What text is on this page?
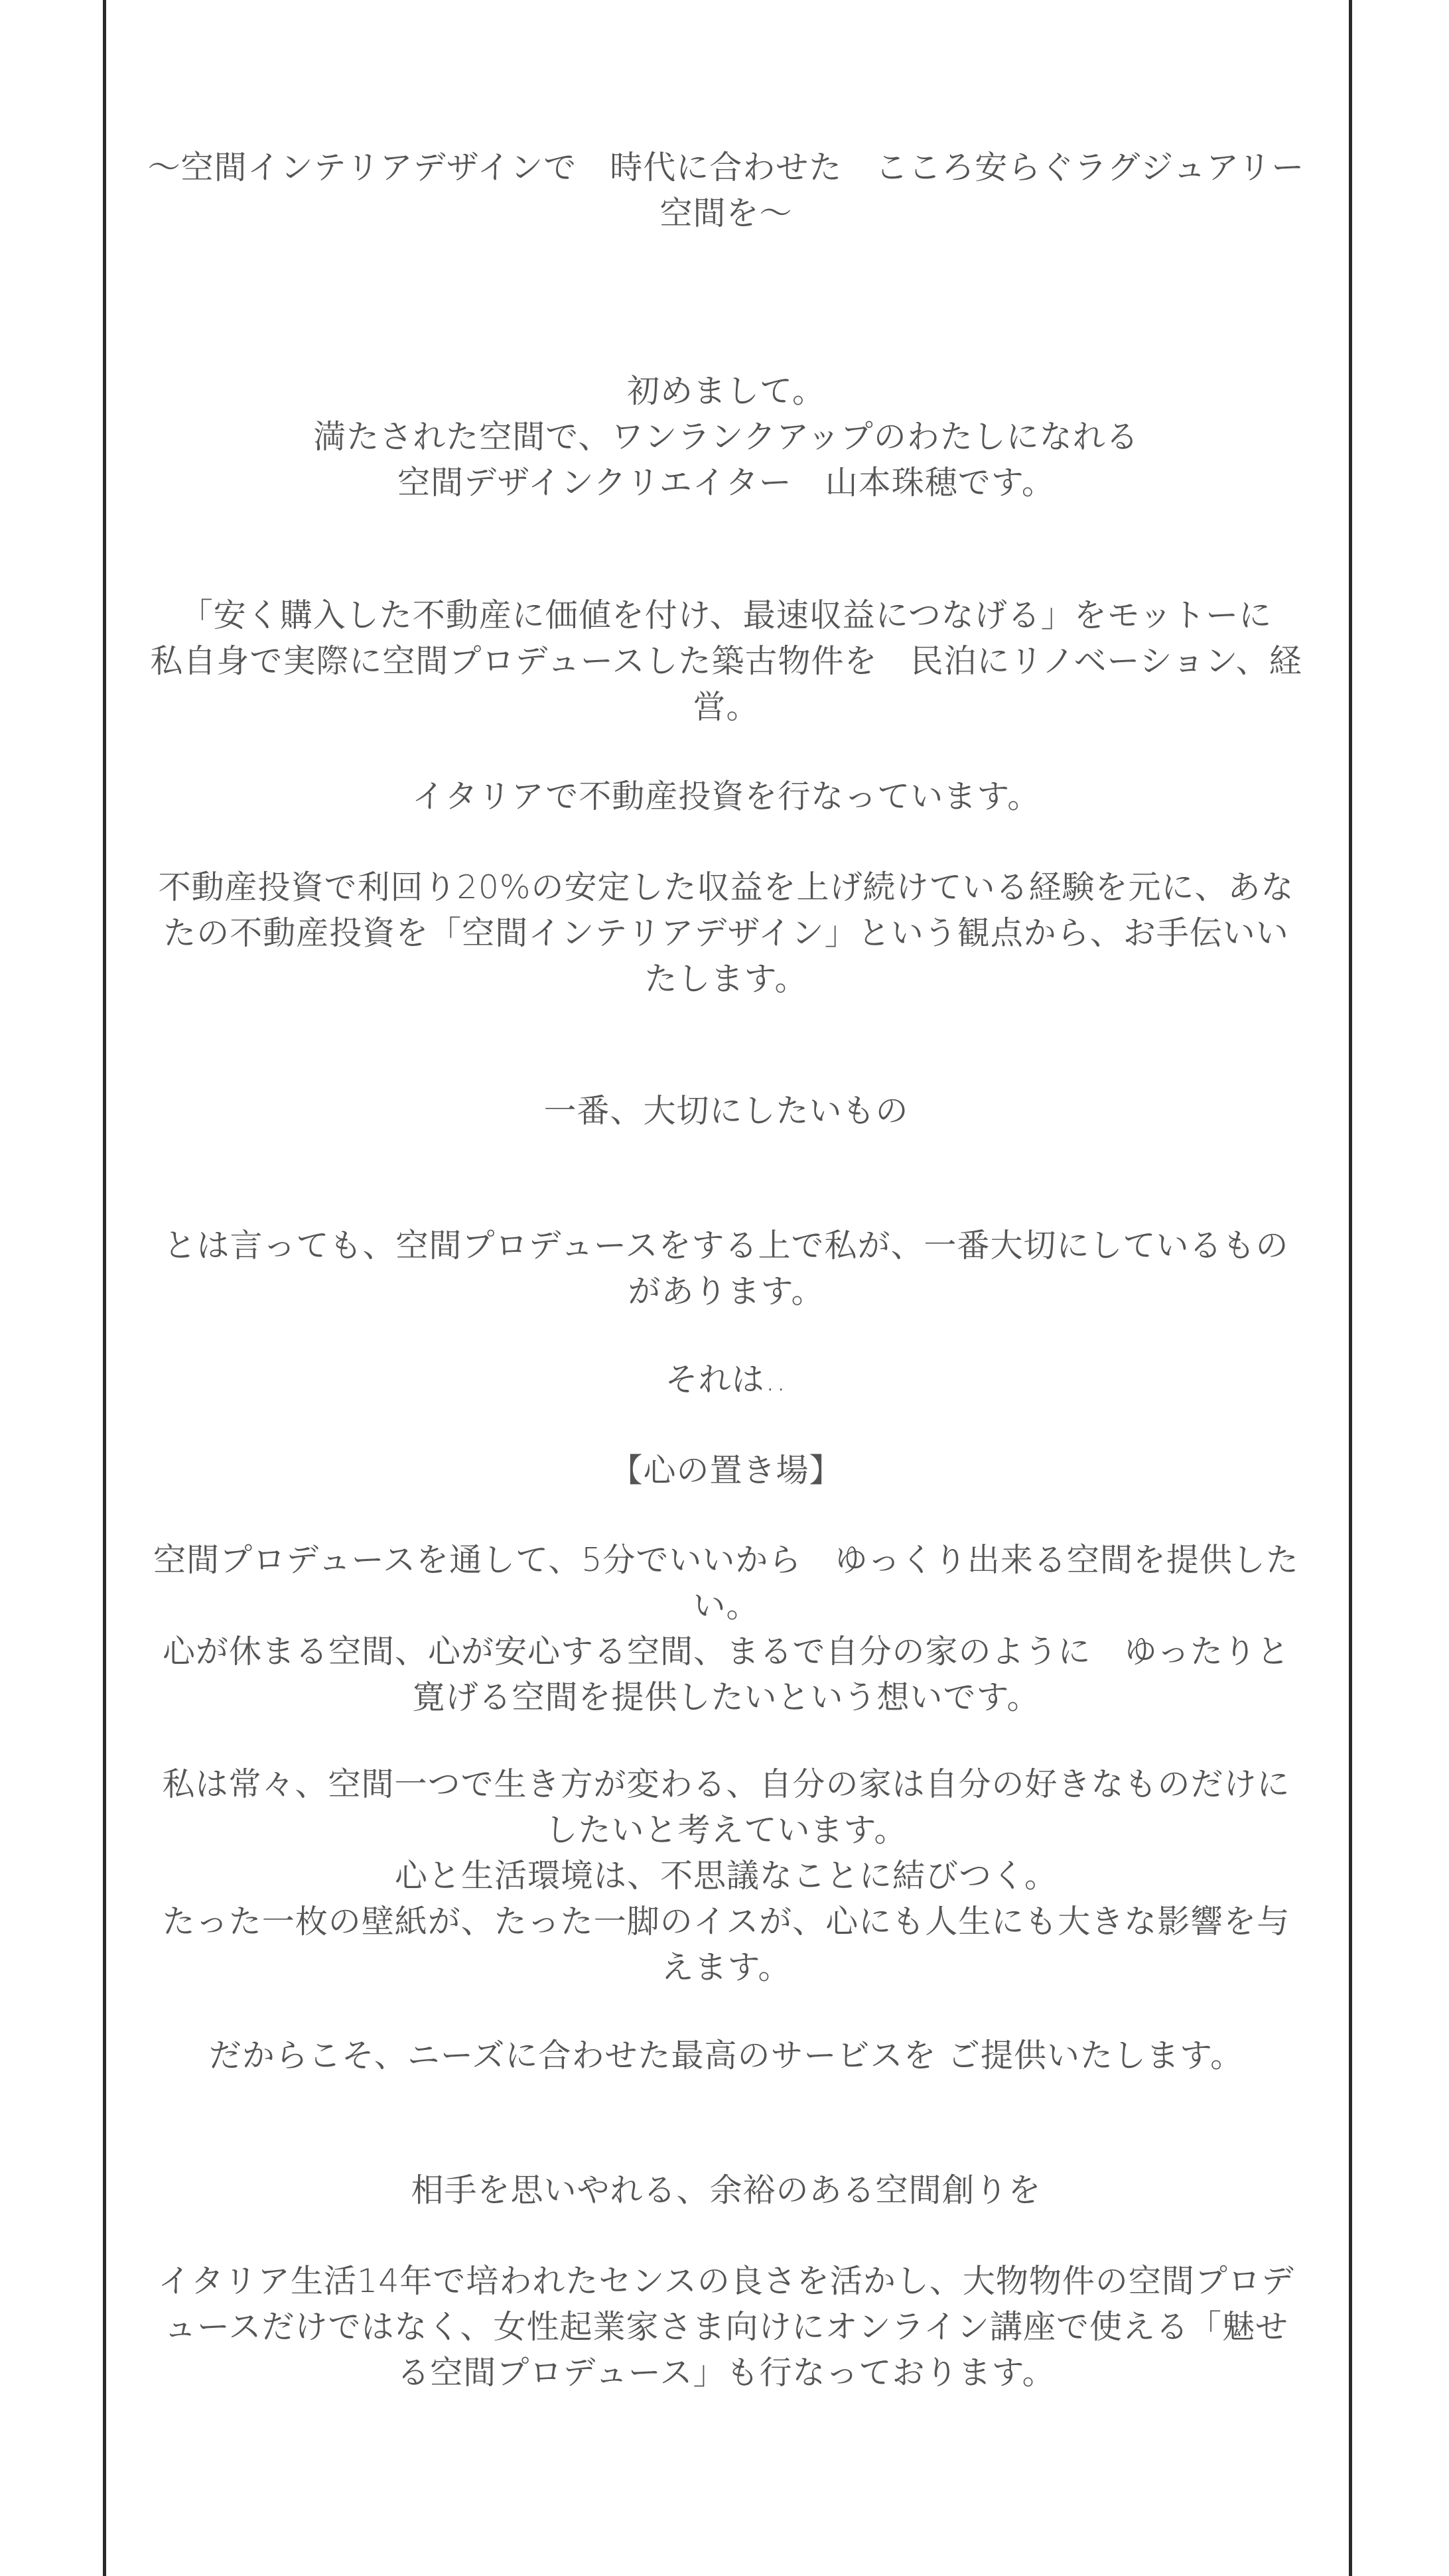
〜空間インテリアデザインで　時代に合わせた　こころ安らぐラグジュアリー空間を〜

初めまして。

満たされた空間で、ワンランクアップのわたしになれる

空間デザインクリエイター　山本珠穂です。

「安く購入した不動産に価値を付け、最速収益につなげる」をモットーに

私自身で実際に空間プロデュースした築古物件を　民泊にリノベーション、経営。

イタリアで不動産投資を行なっています。

不動産投資で利回り20%の安定した収益を上げ続けている経験を元に、あなたの不動産投資を「空間インテリアデザイン」という観点から、お手伝いいたします。

一番、大切にしたいもの

とは言っても、空間プロデュースをする上で私が、一番大切にしているものがあります。

それは‥

【心の置き場】

空間プロデュースを通して、5分でいいから　ゆっくり出来る空間を提供したい。

心が休まる空間、心が安心する空間、まるで自分の家のように　ゆったりと寛げる空間を提供したいという想いです。

私は常々、空間一つで生き方が変わる、自分の家は自分の好きなものだけにしたいと考えています。

心と生活環境は、不思議なことに結びつく。

たった一枚の壁紙が、たった一脚のイスが、心にも人生にも大きな影響を与えます。

だからこそ、ニーズに合わせた最高のサービスを ご提供いたします。

相手を思いやれる、余裕のある空間創りを

イタリア生活14年で培われたセンスの良さを活かし、大物物件の空間プロデュースだけではなく、女性起業家さま向けにオンライン講座で使える「魅せる空間プロデュース」も行なっております。
